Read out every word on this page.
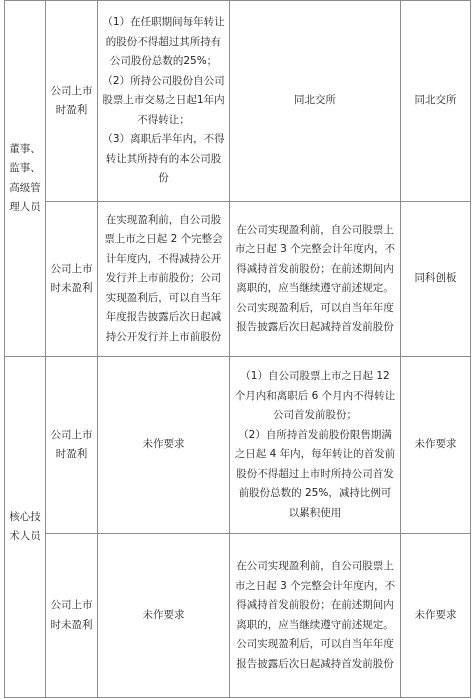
董事、监事、高级管理人员	公司上市时盈利	（1）在任职期间每年转让的股份不得超过其所持有公司股份总数的25%；
（2）所持公司股份自公司股票上市交易之日起1年内不得转让；
（3）离职后半年内，不得转让其所持有的本公司股份	同北交所	同北交所
	公司上市时未盈利	在实现盈利前，自公司股票上市之日起 2 个完整会计年度内，不得减持公开发行并上市前股份；公司实现盈利后，可以自当年年度报告披露后次日起减持公开发行并上市前股份	在公司实现盈利前，自公司股票上市之日起 3 个完整会计年度内，不得减持首发前股份；在前述期间内离职的，应当继续遵守前述规定。公司实现盈利后，可以自当年年度报告披露后次日起减持首发前股份	同科创板
核心技术人员	公司上市时盈利	未作要求	（1）自公司股票上市之日起 12 个月内和离职后 6 个月内不得转让公司首发前股份；
（2）自所持首发前股份限售期满之日起 4 年内，每年转让的首发前股份不得超过上市时所持公司首发前股份总数的 25%，减持比例可以累积使用	未作要求
	公司上市时未盈利	未作要求	在公司实现盈利前，自公司股票上市之日起 3 个完整会计年度内，不得减持首发前股份；在前述期间内离职的，应当继续遵守前述规定。公司实现盈利后，可以自当年年度报告披露后次日起减持首发前股份	未作要求
